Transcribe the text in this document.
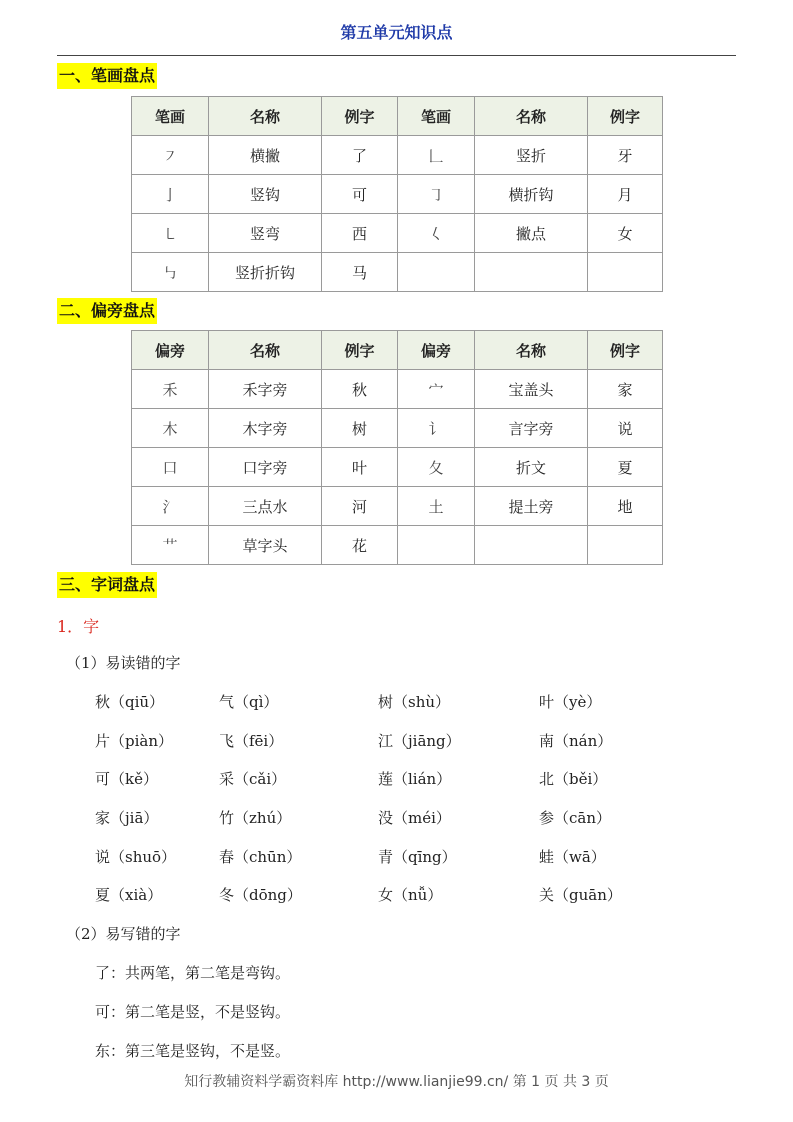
第五单元知识点
一、笔画盘点
笔画	名称	例字	笔画	名称	例字
㇇	横撇	了	𠃊	竖折	牙
亅	竖钩	可	㇆	横折钩	月
㇄	竖弯	西	𡿨	撇点	女
㇉	竖折折钩	马			
二、偏旁盘点
偏旁	名称	例字	偏旁	名称	例字
禾	禾字旁	秋	宀	宝盖头	家
木	木字旁	树	讠	言字旁	说
口	口字旁	叶	夂	折文	夏
氵	三点水	河	土	提土旁	地
艹	草字头	花			
三、字词盘点
1．字
（1）易读错的字
秋（qiū）	气（qì）	树（shù）	叶（yè）
片（piàn）	飞（fēi）	江（jiāng）	南（nán）
可（kě）	采（cǎi）	莲（lián）	北（běi）
家（jiā）	竹（zhú）	没（méi）	参（cān）
说（shuō）	春（chūn）	青（qīng）	蛙（wā）
夏（xià）	冬（dōng）	女（nǚ）	关（guān）
（2）易写错的字
了：共两笔，第二笔是弯钩。
可：第二笔是竖，不是竖钩。
东：第三笔是竖钩，不是竖。
知行教辅资料学霸资料库 http://www.lianjie99.cn/ 第 1 页 共 3 页
